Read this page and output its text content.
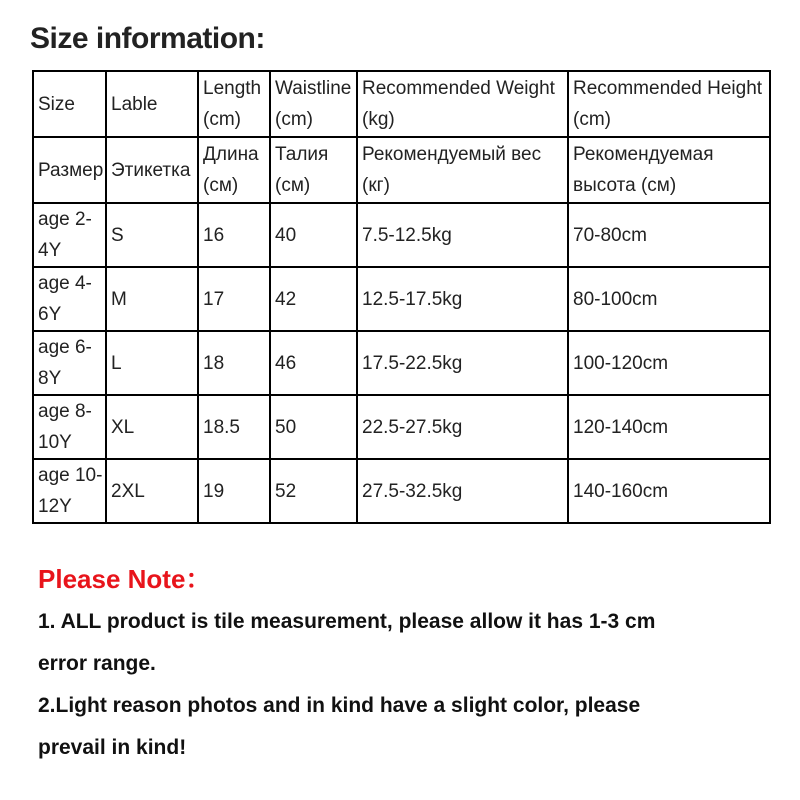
Size information:
Size	Lable	Length (cm)	Waistline (cm)	Recommended Weight (kg)	Recommended Height (cm)
Размер	Этикетка	Длина (см)	Талия (см)	Рекомендуемый вес (кг)	Рекомендуемая высота (см)
age 2-4Y	S	16	40	7.5-12.5kg	70-80cm
age 4-6Y	M	17	42	12.5-17.5kg	80-100cm
age 6-8Y	L	18	46	17.5-22.5kg	100-120cm
age 8-10Y	XL	18.5	50	22.5-27.5kg	120-140cm
age 10-12Y	2XL	19	52	27.5-32.5kg	140-160cm
Please Note：
1. ALL product is tile measurement, please allow it has 1-3 cm
error range.
2.Light reason photos and in kind have a slight color, please
prevail in kind!
